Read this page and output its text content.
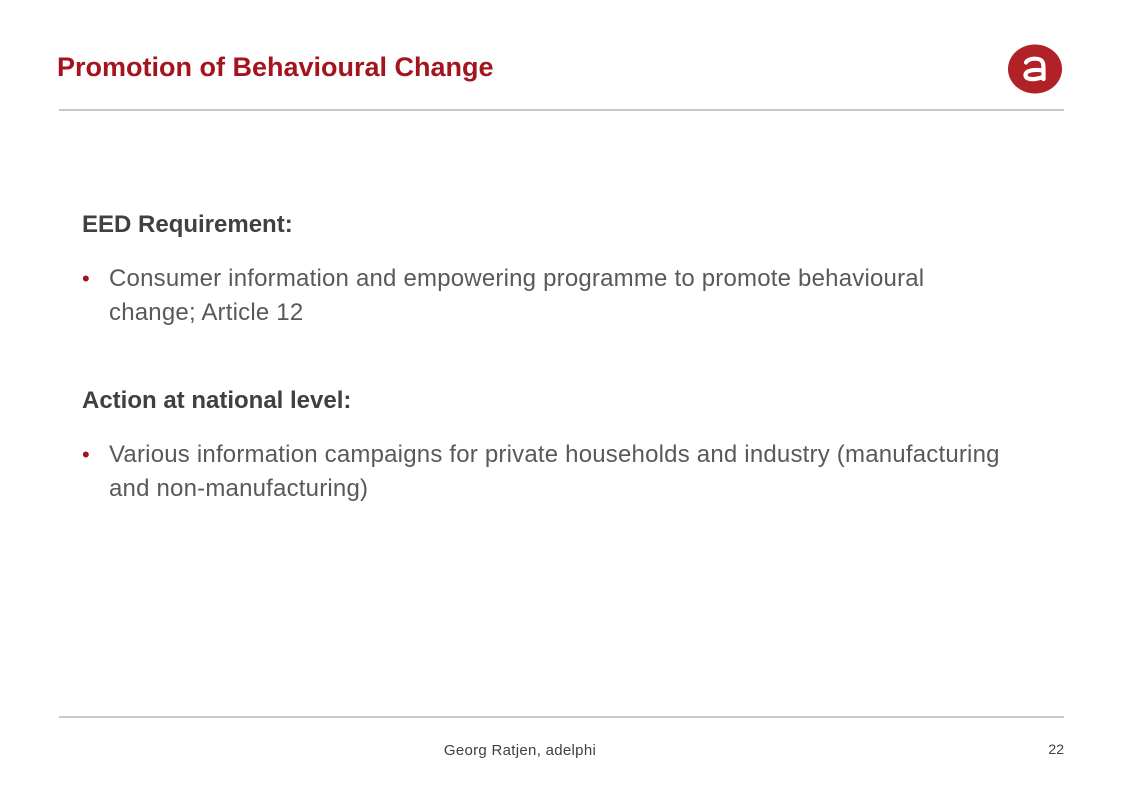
Promotion of Behavioural Change

EED Requirement:

• Consumer information and empowering programme to promote behavioural change; Article 12

Action at national level:

• Various information campaigns for private households and industry (manufacturing and non-manufacturing)
Georg Ratjen, adelphi	22
